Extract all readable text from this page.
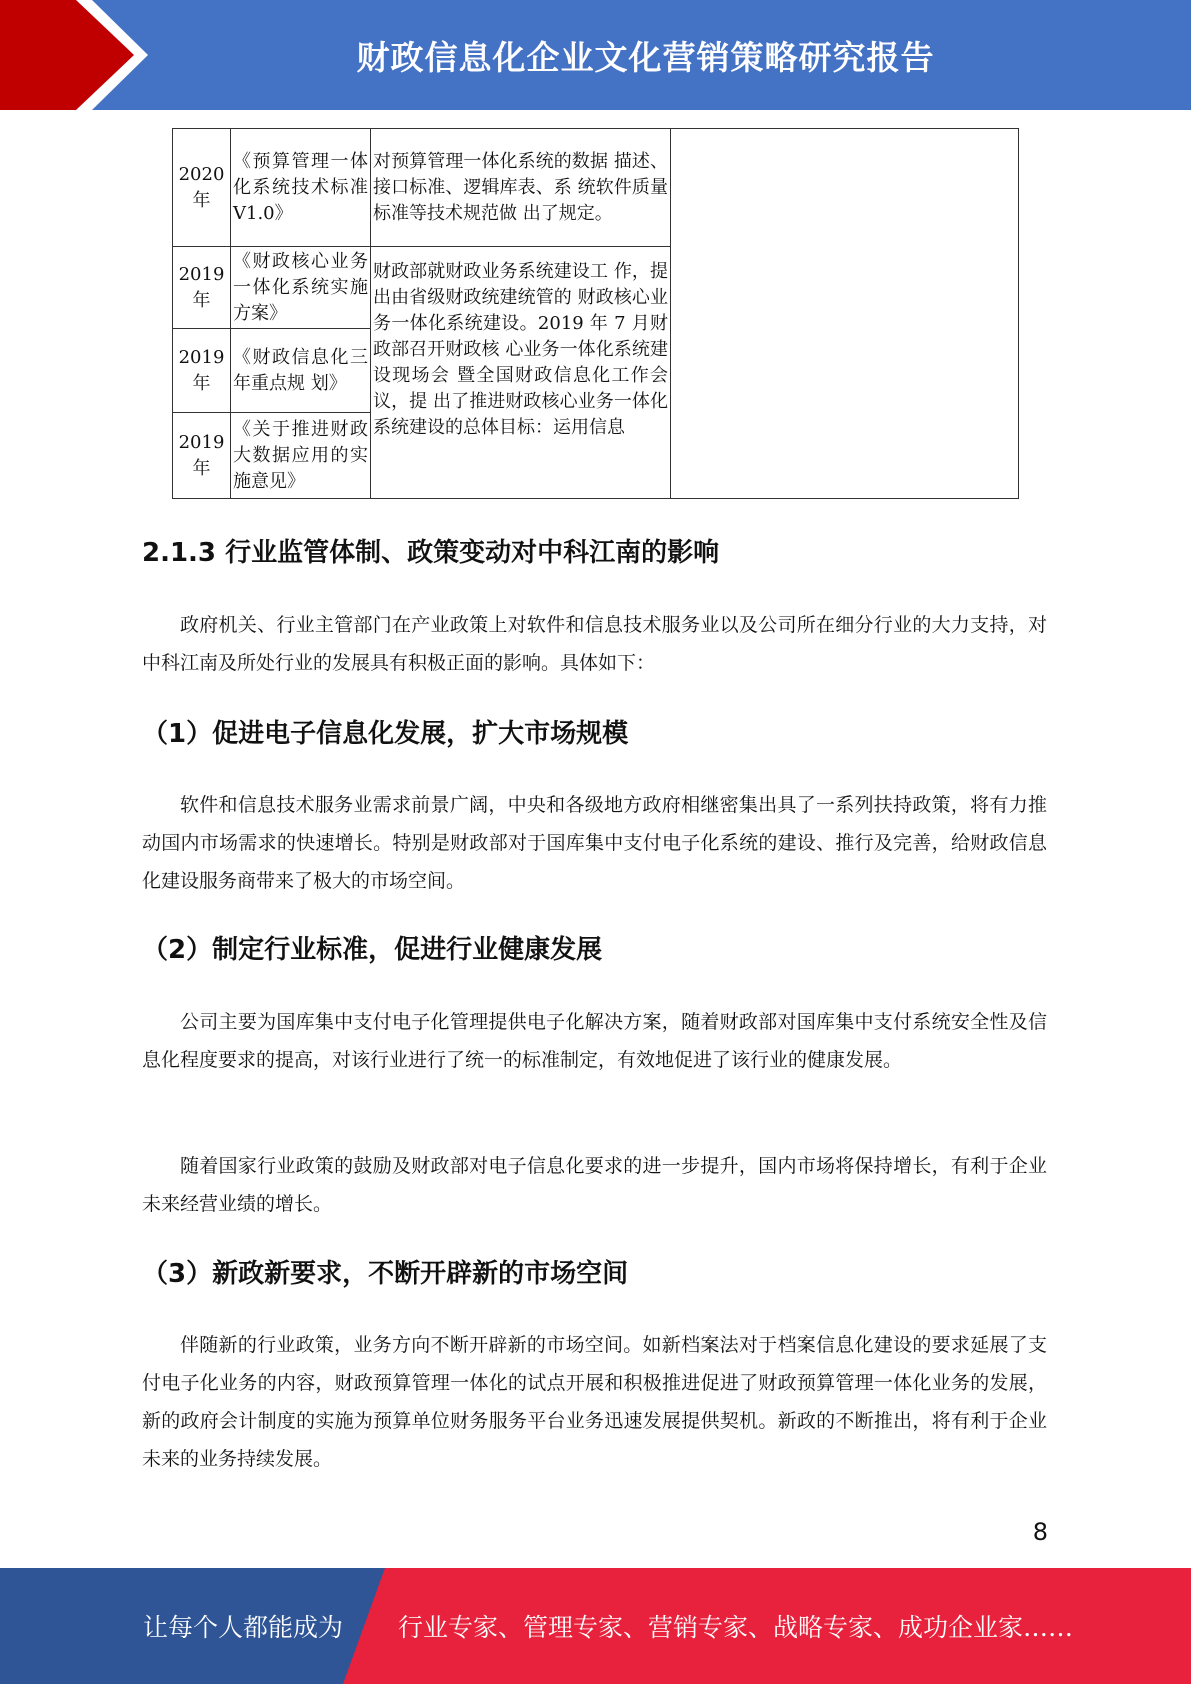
财政信息化企业文化营销策略研究报告
2020年	《预算管理一体化系统技术标准 V1.0》	对预算管理一体化系统的数据 描述、接口标准、逻辑库表、系 统软件质量标准等技术规范做 出了规定。	
2019年	《财政核心业务一体化系统实施方案》	财政部就财政业务系统建设工 作，提出由省级财政统建统管的 财政核心业务一体化系统建设。2019 年 7 月财政部召开财政核 心业务一体化系统建设现场会 暨全国财政信息化工作会议，提 出了推进财政核心业务一体化 系统建设的总体目标：运用信息	
2019年	《财政信息化三年重点规 划》		
2019年	《关于推进财政大数据应用的实施意见》		
2.1.3 行业监管体制、政策变动对中科江南的影响

政府机关、行业主管部门在产业政策上对软件和信息技术服务业以及公司所在细分行业的大力支持，对中科江南及所处行业的发展具有积极正面的影响。具体如下：

（1）促进电子信息化发展，扩大市场规模

软件和信息技术服务业需求前景广阔，中央和各级地方政府相继密集出具了一系列扶持政策，将有力推动国内市场需求的快速增长。特别是财政部对于国库集中支付电子化系统的建设、推行及完善，给财政信息化建设服务商带来了极大的市场空间。

（2）制定行业标准，促进行业健康发展

公司主要为国库集中支付电子化管理提供电子化解决方案，随着财政部对国库集中支付系统安全性及信息化程度要求的提高，对该行业进行了统一的标准制定，有效地促进了该行业的健康发展。

随着国家行业政策的鼓励及财政部对电子信息化要求的进一步提升，国内市场将保持增长，有利于企业未来经营业绩的增长。

（3）新政新要求，不断开辟新的市场空间

伴随新的行业政策，业务方向不断开辟新的市场空间。如新档案法对于档案信息化建设的要求延展了支付电子化业务的内容，财政预算管理一体化的试点开展和积极推进促进了财政预算管理一体化业务的发展，新的政府会计制度的实施为预算单位财务服务平台业务迅速发展提供契机。新政的不断推出，将有利于企业未来的业务持续发展。

8
让每个人都能成为 行业专家、管理专家、营销专家、战略专家、成功企业家……
